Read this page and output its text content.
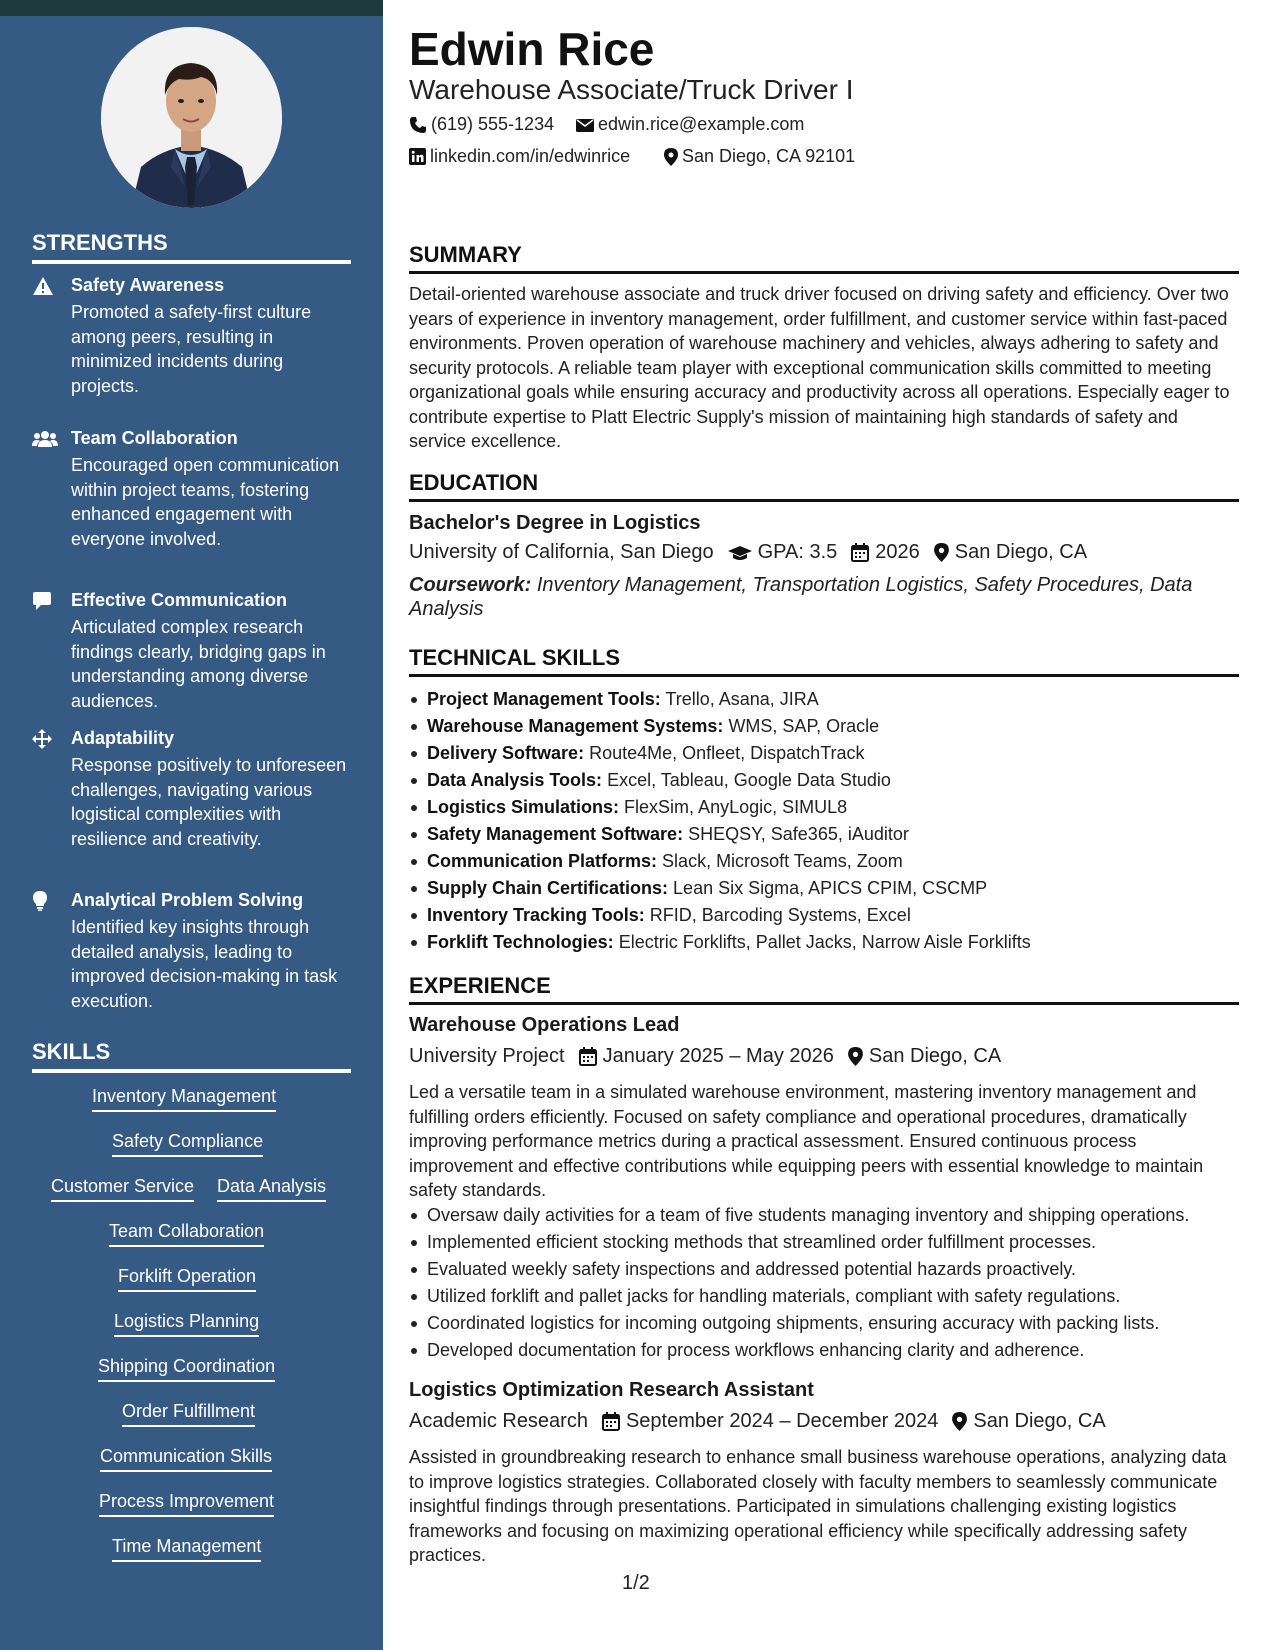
STRENGTHS
Safety Awareness
Promoted a safety-first culture among peers, resulting in minimized incidents during projects.
Team Collaboration
Encouraged open communication within project teams, fostering enhanced engagement with everyone involved.
Effective Communication
Articulated complex research findings clearly, bridging gaps in understanding among diverse audiences.
Adaptability
Response positively to unforeseen challenges, navigating various logistical complexities with resilience and creativity.
Analytical Problem Solving
Identified key insights through detailed analysis, leading to improved decision-making in task execution.
SKILLS
Inventory Management
Safety Compliance
Customer Service Data Analysis
Team Collaboration
Forklift Operation
Logistics Planning
Shipping Coordination
Order Fulfillment
Communication Skills
Process Improvement
Time Management
Edwin Rice
Warehouse Associate/Truck Driver I
(619) 555-1234 edwin.rice@example.com
linkedin.com/in/edwinrice	San Diego, CA 92101
SUMMARY
Detail-oriented warehouse associate and truck driver focused on driving safety and efficiency. Over two years of experience in inventory management, order fulfillment, and customer service within fast-paced environments. Proven operation of warehouse machinery and vehicles, always adhering to safety and security protocols. A reliable team player with exceptional communication skills committed to meeting organizational goals while ensuring accuracy and productivity across all operations. Especially eager to contribute expertise to Platt Electric Supply's mission of maintaining high standards of safety and service excellence.
EDUCATION
Bachelor's Degree in Logistics
University of California, San Diego GPA: 3.5 2026 San Diego, CA
Coursework: Inventory Management, Transportation Logistics, Safety Procedures, Data Analysis
TECHNICAL SKILLS
Project Management Tools: Trello, Asana, JIRA
Warehouse Management Systems: WMS, SAP, Oracle
Delivery Software: Route4Me, Onfleet, DispatchTrack
Data Analysis Tools: Excel, Tableau, Google Data Studio
Logistics Simulations: FlexSim, AnyLogic, SIMUL8
Safety Management Software: SHEQSY, Safe365, iAuditor
Communication Platforms: Slack, Microsoft Teams, Zoom
Supply Chain Certifications: Lean Six Sigma, APICS CPIM, CSCMP
Inventory Tracking Tools: RFID, Barcoding Systems, Excel
Forklift Technologies: Electric Forklifts, Pallet Jacks, Narrow Aisle Forklifts
EXPERIENCE
Warehouse Operations Lead
University Project January 2025 – May 2026 San Diego, CA
Led a versatile team in a simulated warehouse environment, mastering inventory management and fulfilling orders efficiently. Focused on safety compliance and operational procedures, dramatically improving performance metrics during a practical assessment. Ensured continuous process improvement and effective contributions while equipping peers with essential knowledge to maintain safety standards.
Oversaw daily activities for a team of five students managing inventory and shipping operations.
Implemented efficient stocking methods that streamlined order fulfillment processes.
Evaluated weekly safety inspections and addressed potential hazards proactively.
Utilized forklift and pallet jacks for handling materials, compliant with safety regulations.
Coordinated logistics for incoming outgoing shipments, ensuring accuracy with packing lists.
Developed documentation for process workflows enhancing clarity and adherence.
Logistics Optimization Research Assistant
Academic Research September 2024 – December 2024 San Diego, CA
Assisted in groundbreaking research to enhance small business warehouse operations, analyzing data to improve logistics strategies. Collaborated closely with faculty members to seamlessly communicate insightful findings through presentations. Participated in simulations challenging existing logistics frameworks and focusing on maximizing operational efficiency while specifically addressing safety practices.
1/2
